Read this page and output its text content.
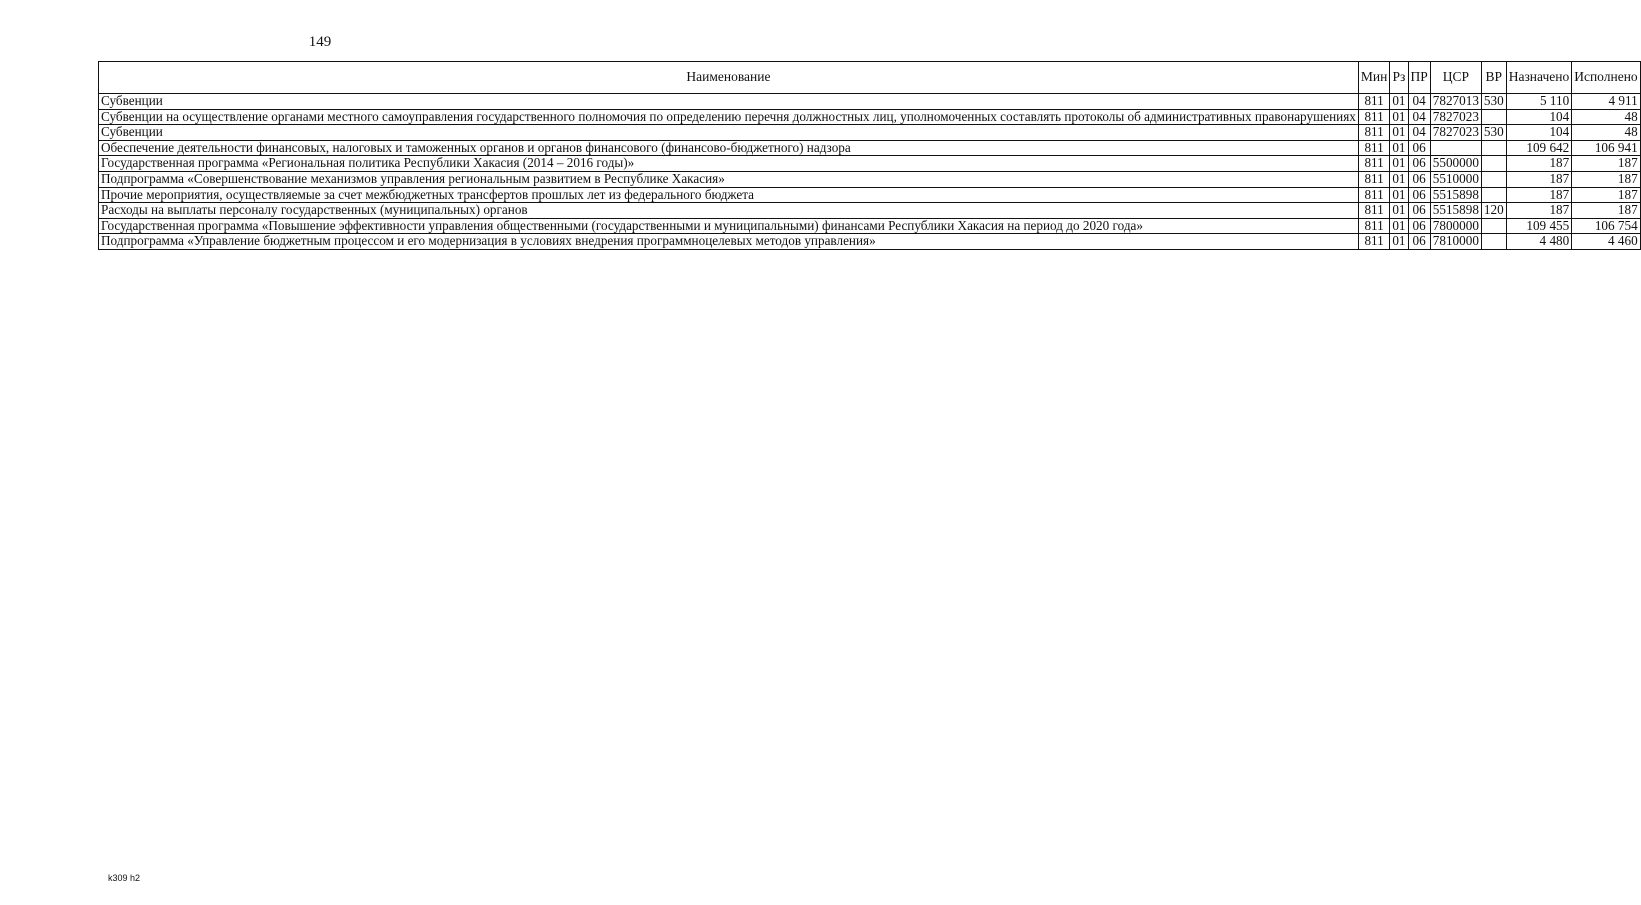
149
Наименование	Мин	Рз	ПР	ЦСР	ВР	Назначено	Исполнено
Субвенции	811	01	04	7827013	530	5 110	4 911
Субвенции на осуществление органами местного самоуправления государственного полномочия по определению перечня должностных лиц, уполномоченных составлять протоколы об административных правонарушениях	811	01	04	7827023		104	48
Субвенции	811	01	04	7827023	530	104	48
Обеспечение деятельности финансовых, налоговых и таможенных органов и органов финансового (финансово-бюджетного) надзора	811	01	06			109 642	106 941
Государственная программа «Региональная политика Республики Хакасия (2014 – 2016 годы)»	811	01	06	5500000		187	187
Подпрограмма «Совершенствование механизмов управления региональным развитием в Республике Хакасия»	811	01	06	5510000		187	187
Прочие мероприятия, осуществляемые за счет межбюджетных трансфертов прошлых лет из федерального бюджета	811	01	06	5515898		187	187
Расходы на выплаты персоналу государственных (муниципальных) органов	811	01	06	5515898	120	187	187
Государственная программа «Повышение эффективности управления общественными (государственными и муниципальными) финансами Республики Хакасия на период до 2020 года»	811	01	06	7800000		109 455	106 754
Подпрограмма «Управление бюджетным процессом и его модернизация в условиях внедрения программноцелевых методов управления»	811	01	06	7810000		4 480	4 460
k309 h2
